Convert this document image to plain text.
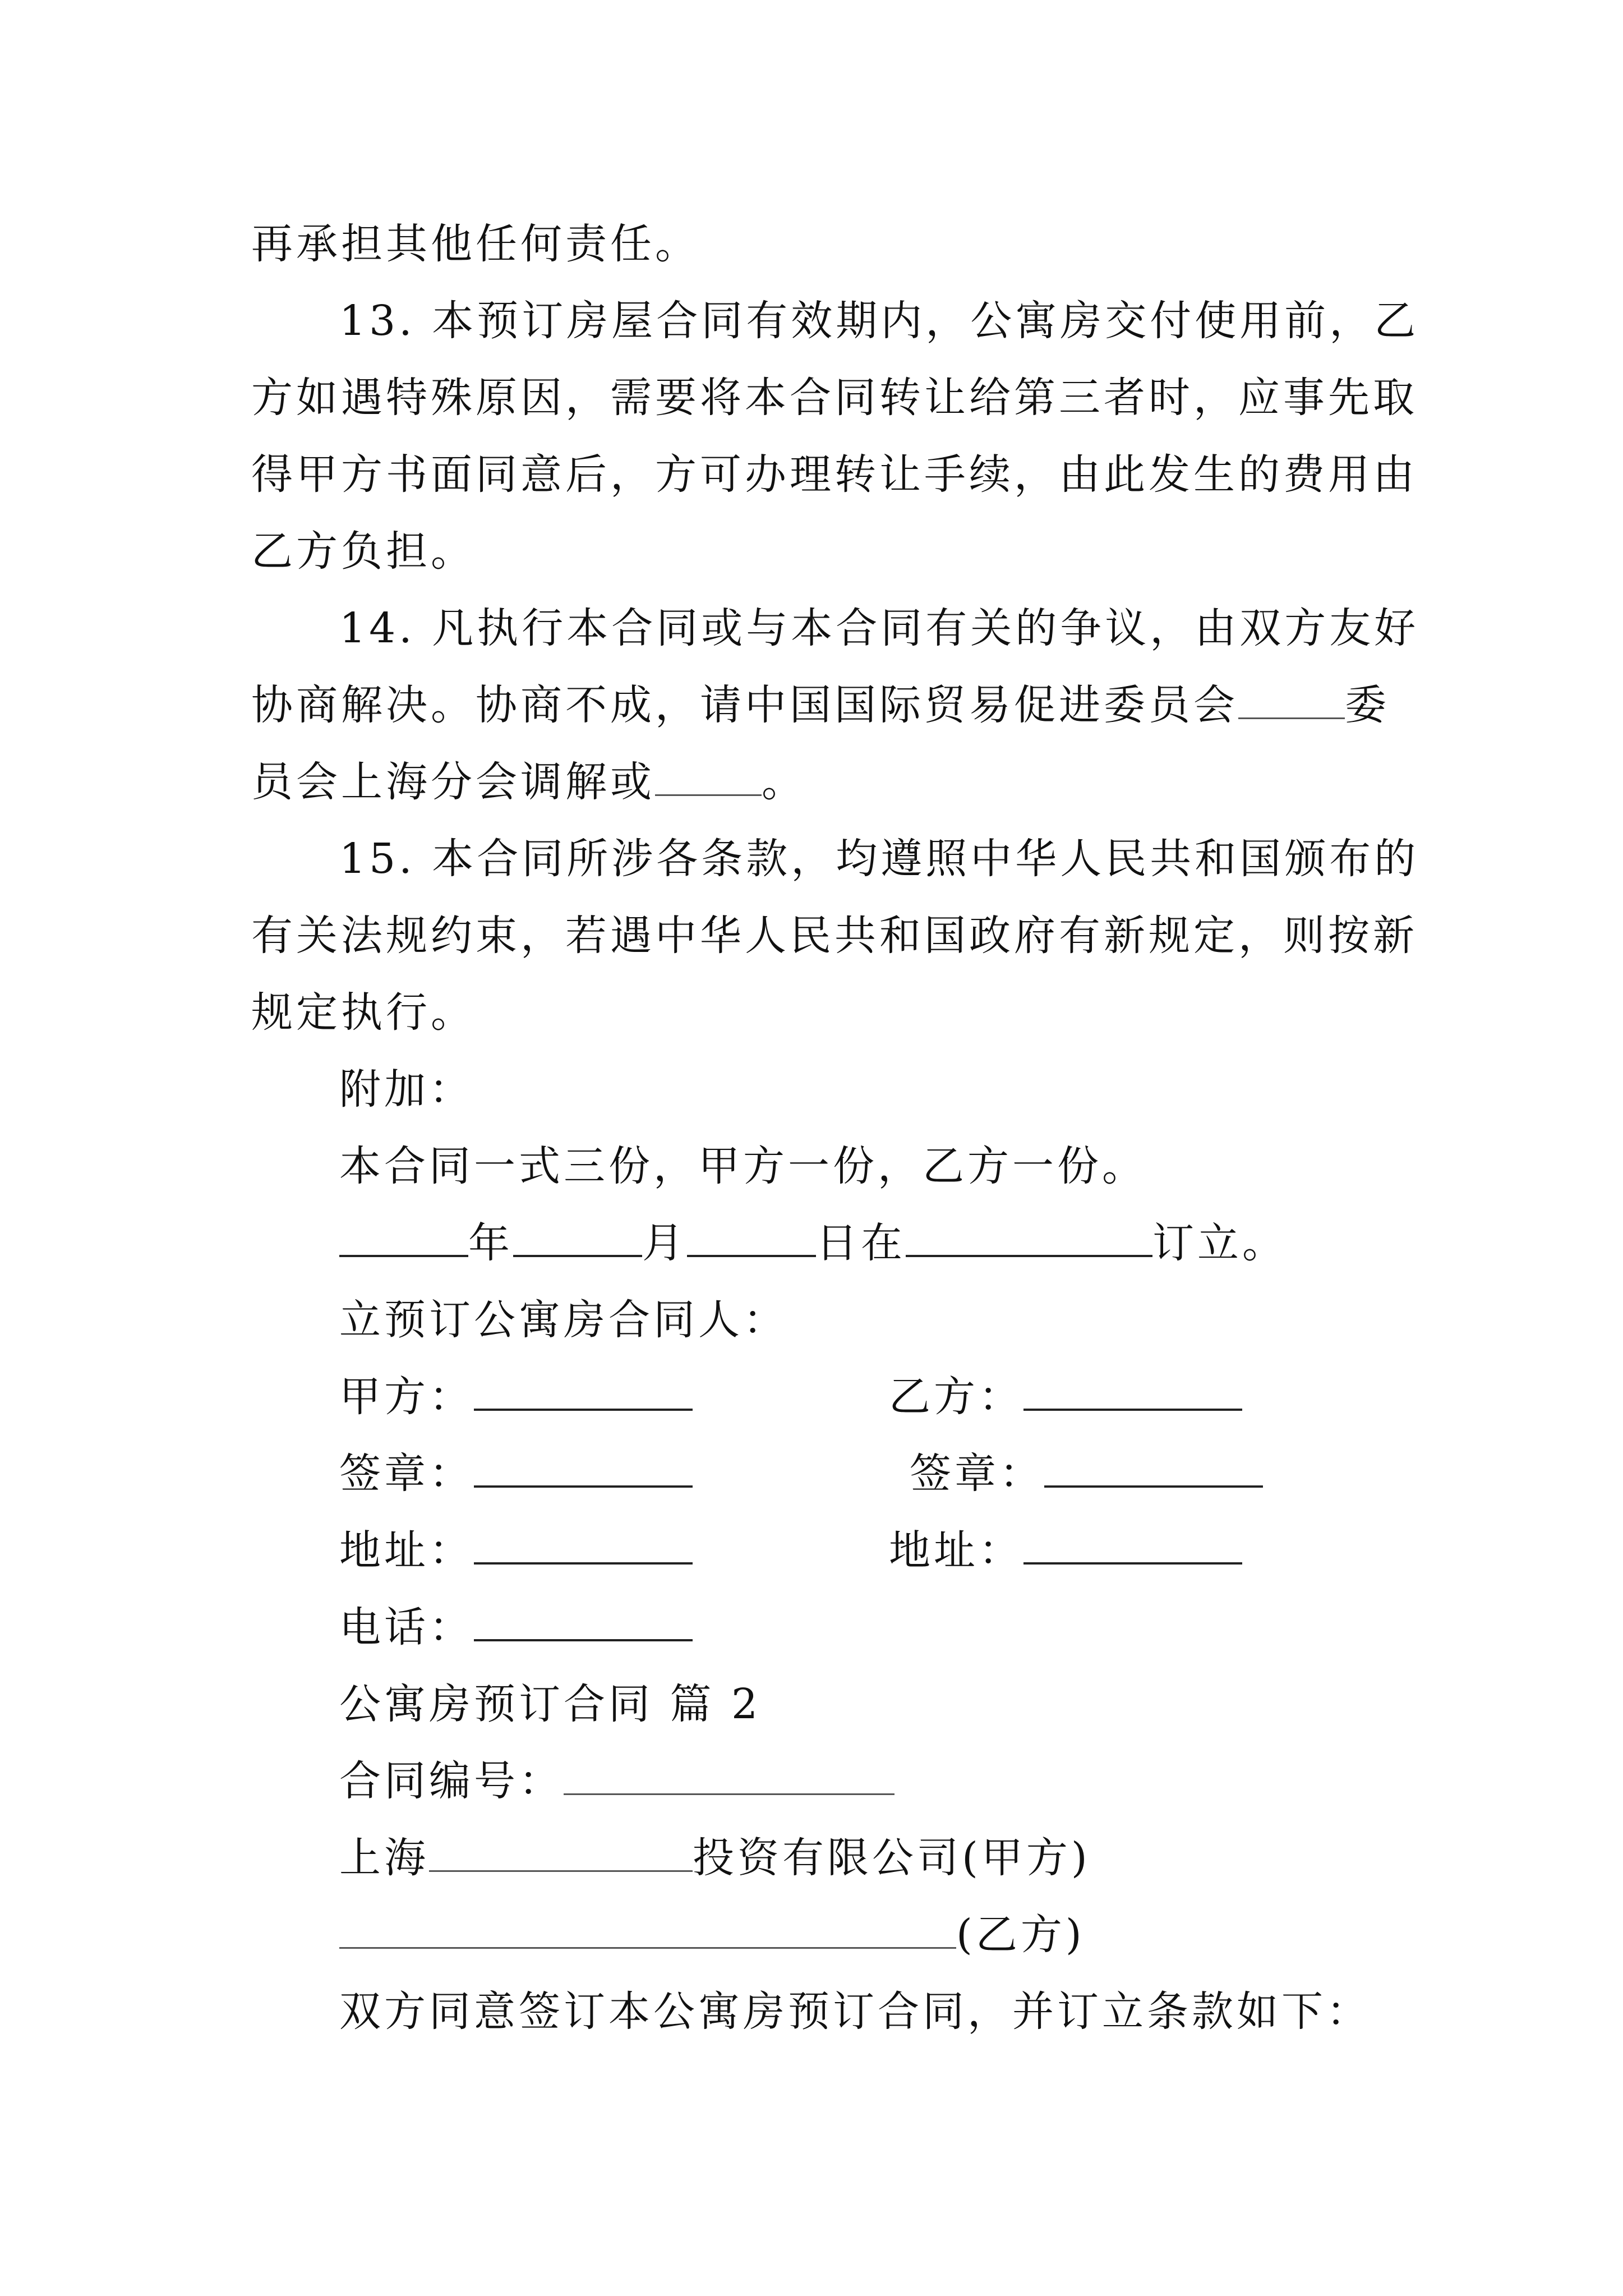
再承担其他任何责任。
13. 本预订房屋合同有效期内，公寓房交付使用前，乙
方如遇特殊原因，需要将本合同转让给第三者时，应事先取
得甲方书面同意后，方可办理转让手续，由此发生的费用由
乙方负担。
14. 凡执行本合同或与本合同有关的争议，由双方友好
协商解决。协商不成，请中国国际贸易促进委员会	委
员会上海分会调解或	。
15. 本合同所涉各条款，均遵照中华人民共和国颁布的
有关法规约束，若遇中华人民共和国政府有新规定，则按新
规定执行。
附加：
本合同一式三份，甲方一份，乙方一份。
年	月	日在	订立。
立预订公寓房合同人：
甲方：	乙方：
签章：	签章：
地址：	地址：
电话：
公寓房预订合同 篇 2
合同编号：
上海	投资有限公司(甲方)
(乙方)
双方同意签订本公寓房预订合同，并订立条款如下：
